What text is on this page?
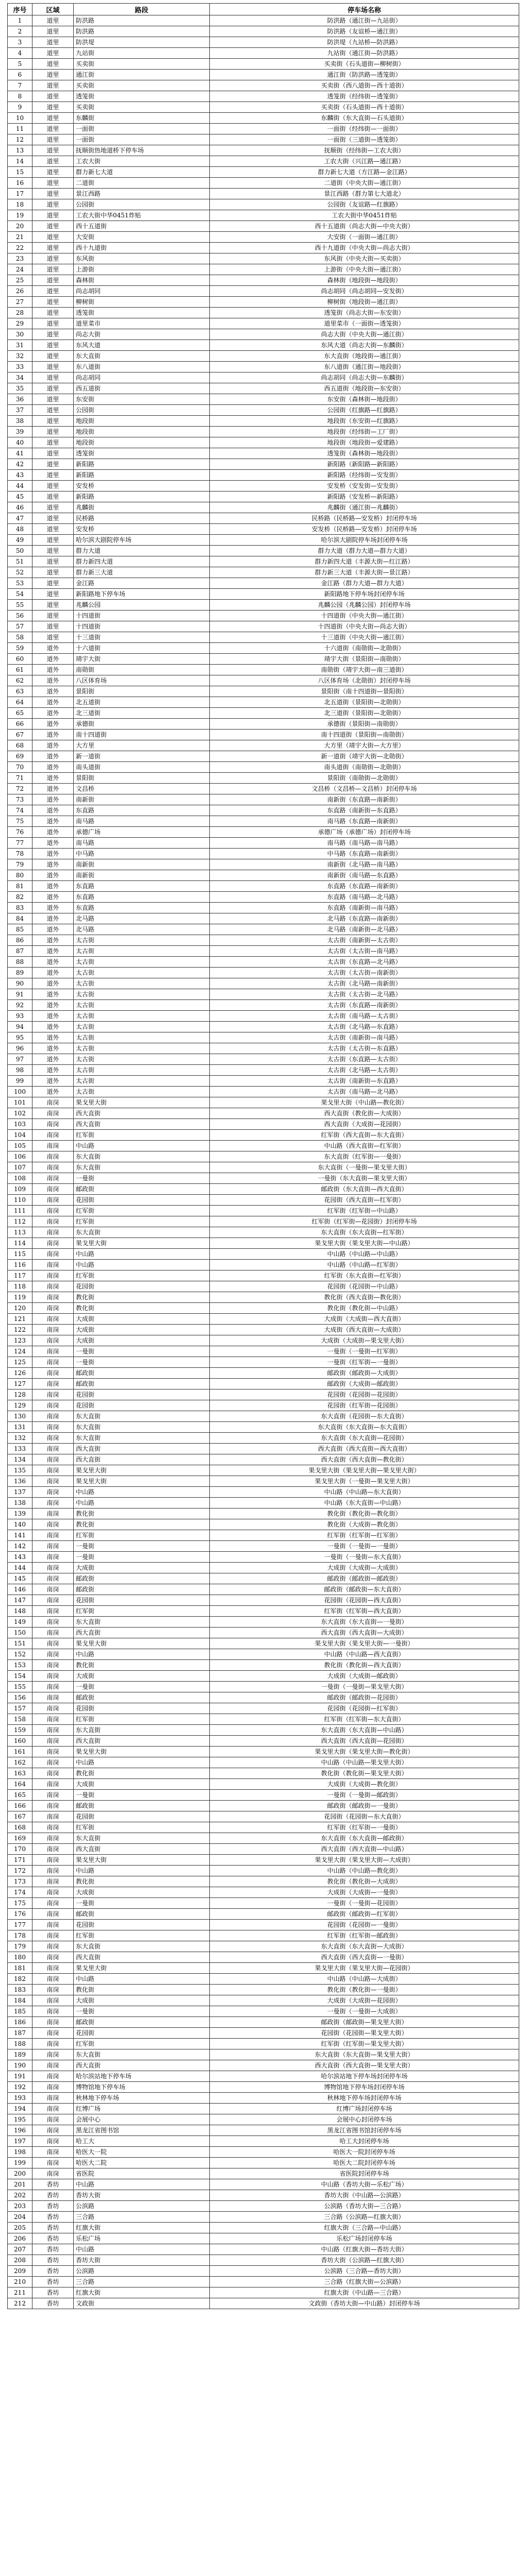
序号	区域	路段	停车场名称
1	道里	防洪路	防洪路（通江街—九站街）
2	道里	防洪路	防洪路（友谊桥—通江街）
3	道里	防洪堤	防洪堤（九站桥—防洪路）
4	道里	九站街	九站街（通江街—防洪路）
5	道里	买卖街	买卖街（石头道街—柳树街）
6	道里	通江街	通江街（防洪路—透笼街）
7	道里	买卖街	买卖街（西八道街—西十道街）
8	道里	透笼街	透笼街（经纬街—透笼街）
9	道里	买卖街	买卖街（石头道街—西十道街）
10	道里	东麟街	东麟街（东大直街—石头道街）
11	道里	一面街	一面街（经纬街—一面街）
12	道里	一面街	一面街（三道街—透笼街）
13	道里	抚顺街热地道桥下停车场	抚顺街（经纬街—工农大街）
14	道里	工农大街	工农大街（兴江路—通江路）
15	道里	群力新七大道	群力新七大道（方江路—金江路）
16	道里	二道街	二道街（中央大街—通江街）
17	道里	景江西路	景江西路（群力第七大道北）
18	道里	公园街	公园街（友谊路—红旗路）
19	道里	工农大街中华0451炸贴	工农大街中华0451炸贴
20	道里	西十五道街	西十五道街（尚志大街—中央大街）
21	道里	大安街	大安街（一面街—通江街）
22	道里	西十九道街	西十九道街（中央大街—尚志大街）
23	道里	东风街	东风街（中央大街—买卖街）
24	道里	上游街	上游街（中央大街—通江街）
25	道里	森林街	森林街（地段街—地段街）
26	道里	尚志胡同	尚志胡同（尚志胡同—安发街）
27	道里	柳树街	柳树街（地段街—通江街）
28	道里	透笼街	透笼街（尚志大街—东安街）
29	道里	道里菜市	道里菜市（一面街—透笼街）
30	道里	尚志大街	尚志大街（中央大街—通江街）
31	道里	东风大道	东风大道（尚志大街—东麟街）
32	道里	东大直街	东大直街（地段街—通江街）
33	道里	东八道街	东八道街（通江街—地段街）
34	道里	尚志胡同	尚志胡同（尚志大街—东麟街）
35	道里	西五道街	西五道街（地段街—东安街）
36	道里	东安街	东安街（森林街—地段街）
37	道里	公园街	公园街（红旗路—红旗路）
38	道里	地段街	地段街（东安街—红旗路）
39	道里	地段街	地段街（经纬街—工厂街）
40	道里	地段街	地段街（地段街—爱建路）
41	道里	透笼街	透笼街（森林街—地段街）
42	道里	新阳路	新阳路（新阳路—新阳路）
43	道里	新阳路	新阳路（经纬街—安发街）
44	道里	安发桥	安发桥（安发街—安发街）
45	道里	新阳路	新阳路（安发桥—新阳路）
46	道里	兆麟街	兆麟街（通江街—兆麟街）
47	道里	民桥路	民桥路（民桥路—安发桥）封闭停车场
48	道里	安发桥	安发桥（民桥路—安发桥）封闭停车场
49	道里	哈尔滨大剧院停车场	哈尔滨大剧院停车场封闭停车场
50	道里	群力大道	群力大道（群力大道—群力大道）
51	道里	群力新四大道	群力新四大道（丰源大街—红江路）
52	道里	群力新三大道	群力新三大道（丰源大街—景江路）
53	道里	金江路	金江路（群力大道—群力大道）
54	道里	新阳路地下停车场	新阳路地下停车场封闭停车场
55	道里	兆麟公园	兆麟公园（兆麟公园）封闭停车场
56	道里	十四道街	十四道街（中央大街—通江街）
57	道里	十四道街	十四道街（中央大街—尚志大街）
58	道里	十三道街	十三道街（中央大街—通江街）
59	道外	十六道街	十六道街（南勋街—北勋街）
60	道外	靖宇大街	靖宇大街（景阳街—南勋街）
61	道外	南勋街	南勋街（靖宇大街—南三道街）
62	道外	八区体育场	八区体育场（北勋街）封闭停车场
63	道外	景阳街	景阳街（南十四道街—景阳街）
64	道外	北五道街	北五道街（景阳街—北勋街）
65	道外	北三道街	北三道街（景阳街—北勋街）
66	道外	承德街	承德街（景阳街—南勋街）
67	道外	南十四道街	南十四道街（景阳街—南勋街）
68	道外	大方里	大方里（靖宇大街—大方里）
69	道外	新一道街	新一道街（靖宇大街—北勋街）
70	道外	南头道街	南头道街（南勋街—北勋街）
71	道外	景阳街	景阳街（南勋街—北勋街）
72	道外	文昌桥	文昌桥（文昌桥—文昌桥）封闭停车场
73	道外	南新街	南新街（东直路—南新街）
74	道外	东直路	东直路（南新街—东直路）
75	道外	南马路	南马路（东直路—南新街）
76	道外	承德广场	承德广场（承德广场）封闭停车场
77	道外	南马路	南马路（南马路—南马路）
78	道外	中马路	中马路（东直路—南新街）
79	道外	南新街	南新街（北马路—南马路）
80	道外	南新街	南新街（南马路—东直路）
81	道外	东直路	东直路（东直路—南新街）
82	道外	东直路	东直路（南马路—北马路）
83	道外	东直路	东直路（南新街—南马路）
84	道外	北马路	北马路（东直路—南新街）
85	道外	北马路	北马路（南新街—北马路）
86	道外	太古街	太古街（南新街—太古街）
87	道外	太古街	太古街（太古街—南马路）
88	道外	太古街	太古街（东直路—北马路）
89	道外	太古街	太古街（太古街—南新街）
90	道外	太古街	太古街（北马路—南新街）
91	道外	太古街	太古街（太古街—北马路）
92	道外	太古街	太古街（东直路—南新街）
93	道外	太古街	太古街（南马路—太古街）
94	道外	太古街	太古街（北马路—东直路）
95	道外	太古街	太古街（南新街—南马路）
96	道外	太古街	太古街（太古街—东直路）
97	道外	太古街	太古街（东直路—太古街）
98	道外	太古街	太古街（北马路—太古街）
99	道外	太古街	太古街（南新街—东直路）
100	道外	太古街	太古街（南马路—北马路）
101	南岗	果戈里大街	果戈里大街（中山路—教化街）
102	南岗	西大直街	西大直街（教化街—大成街）
103	南岗	西大直街	西大直街（大成街—花园街）
104	南岗	红军街	红军街（西大直街—东大直街）
105	南岗	中山路	中山路（西大直街—红军街）
106	南岗	东大直街	东大直街（红军街—一曼街）
107	南岗	东大直街	东大直街（一曼街—果戈里大街）
108	南岗	一曼街	一曼街（东大直街—果戈里大街）
109	南岗	邮政街	邮政街（东大直街—西大直街）
110	南岗	花园街	花园街（西大直街—红军街）
111	南岗	红军街	红军街（红军街—中山路）
112	南岗	红军街	红军街（红军街—花园街）封闭停车场
113	南岗	东大直街	东大直街（东大直街—红军街）
114	南岗	果戈里大街	果戈里大街（果戈里大街—中山路）
115	南岗	中山路	中山路（中山路—中山路）
116	南岗	中山路	中山路（中山路—红军街）
117	南岗	红军街	红军街（东大直街—红军街）
118	南岗	花园街	花园街（花园街—中山路）
119	南岗	教化街	教化街（西大直街—教化街）
120	南岗	教化街	教化街（教化街—中山路）
121	南岗	大成街	大成街（大成街—西大直街）
122	南岗	大成街	大成街（西大直街—大成街）
123	南岗	大成街	大成街（大成街—果戈里大街）
124	南岗	一曼街	一曼街（一曼街—红军街）
125	南岗	一曼街	一曼街（红军街—一曼街）
126	南岗	邮政街	邮政街（邮政街—大成街）
127	南岗	邮政街	邮政街（大成街—邮政街）
128	南岗	花园街	花园街（花园街—花园街）
129	南岗	花园街	花园街（红军街—花园街）
130	南岗	东大直街	东大直街（花园街—东大直街）
131	南岗	东大直街	东大直街（东大直街—东大直街）
132	南岗	东大直街	东大直街（东大直街—花园街）
133	南岗	西大直街	西大直街（西大直街—西大直街）
134	南岗	西大直街	西大直街（西大直街—教化街）
135	南岗	果戈里大街	果戈里大街（果戈里大街—果戈里大街）
136	南岗	果戈里大街	果戈里大街（一曼街—果戈里大街）
137	南岗	中山路	中山路（中山路—东大直街）
138	南岗	中山路	中山路（东大直街—中山路）
139	南岗	教化街	教化街（教化街—教化街）
140	南岗	教化街	教化街（大成街—教化街）
141	南岗	红军街	红军街（红军街—红军街）
142	南岗	一曼街	一曼街（一曼街—一曼街）
143	南岗	一曼街	一曼街（一曼街—东大直街）
144	南岗	大成街	大成街（大成街—大成街）
145	南岗	邮政街	邮政街（邮政街—邮政街）
146	南岗	邮政街	邮政街（邮政街—东大直街）
147	南岗	花园街	花园街（花园街—西大直街）
148	南岗	红军街	红军街（红军街—西大直街）
149	南岗	东大直街	东大直街（东大直街—一曼街）
150	南岗	西大直街	西大直街（西大直街—大成街）
151	南岗	果戈里大街	果戈里大街（果戈里大街—一曼街）
152	南岗	中山路	中山路（中山路—西大直街）
153	南岗	教化街	教化街（教化街—西大直街）
154	南岗	大成街	大成街（大成街—邮政街）
155	南岗	一曼街	一曼街（一曼街—果戈里大街）
156	南岗	邮政街	邮政街（邮政街—花园街）
157	南岗	花园街	花园街（花园街—红军街）
158	南岗	红军街	红军街（红军街—东大直街）
159	南岗	东大直街	东大直街（东大直街—中山路）
160	南岗	西大直街	西大直街（西大直街—花园街）
161	南岗	果戈里大街	果戈里大街（果戈里大街—教化街）
162	南岗	中山路	中山路（中山路—果戈里大街）
163	南岗	教化街	教化街（教化街—果戈里大街）
164	南岗	大成街	大成街（大成街—教化街）
165	南岗	一曼街	一曼街（一曼街—邮政街）
166	南岗	邮政街	邮政街（邮政街—一曼街）
167	南岗	花园街	花园街（花园街—东大直街）
168	南岗	红军街	红军街（红军街—一曼街）
169	南岗	东大直街	东大直街（东大直街—邮政街）
170	南岗	西大直街	西大直街（西大直街—中山路）
171	南岗	果戈里大街	果戈里大街（果戈里大街—大成街）
172	南岗	中山路	中山路（中山路—教化街）
173	南岗	教化街	教化街（教化街—大成街）
174	南岗	大成街	大成街（大成街—一曼街）
175	南岗	一曼街	一曼街（一曼街—花园街）
176	南岗	邮政街	邮政街（邮政街—红军街）
177	南岗	花园街	花园街（花园街—一曼街）
178	南岗	红军街	红军街（红军街—邮政街）
179	南岗	东大直街	东大直街（东大直街—大成街）
180	南岗	西大直街	西大直街（西大直街—一曼街）
181	南岗	果戈里大街	果戈里大街（果戈里大街—花园街）
182	南岗	中山路	中山路（中山路—大成街）
183	南岗	教化街	教化街（教化街—一曼街）
184	南岗	大成街	大成街（大成街—花园街）
185	南岗	一曼街	一曼街（一曼街—大成街）
186	南岗	邮政街	邮政街（邮政街—果戈里大街）
187	南岗	花园街	花园街（花园街—果戈里大街）
188	南岗	红军街	红军街（红军街—果戈里大街）
189	南岗	东大直街	东大直街（东大直街—果戈里大街）
190	南岗	西大直街	西大直街（西大直街—果戈里大街）
191	南岗	哈尔滨站地下停车场	哈尔滨站地下停车场封闭停车场
192	南岗	博物馆地下停车场	博物馆地下停车场封闭停车场
193	南岗	秋林地下停车场	秋林地下停车场封闭停车场
194	南岗	红博广场	红博广场封闭停车场
195	南岗	会展中心	会展中心封闭停车场
196	南岗	黑龙江省图书馆	黑龙江省图书馆封闭停车场
197	南岗	哈工大	哈工大封闭停车场
198	南岗	哈医大一院	哈医大一院封闭停车场
199	南岗	哈医大二院	哈医大二院封闭停车场
200	南岗	省医院	省医院封闭停车场
201	香坊	中山路	中山路（香坊大街—乐松广场）
202	香坊	香坊大街	香坊大街（中山路—公滨路）
203	香坊	公滨路	公滨路（香坊大街—三合路）
204	香坊	三合路	三合路（公滨路—红旗大街）
205	香坊	红旗大街	红旗大街（三合路—中山路）
206	香坊	乐松广场	乐松广场封闭停车场
207	香坊	中山路	中山路（红旗大街—香坊大街）
208	香坊	香坊大街	香坊大街（公滨路—红旗大街）
209	香坊	公滨路	公滨路（三合路—香坊大街）
210	香坊	三合路	三合路（红旗大街—公滨路）
211	香坊	红旗大街	红旗大街（中山路—三合路）
212	香坊	文政街	文政街（香坊大街—中山路）封闭停车场
